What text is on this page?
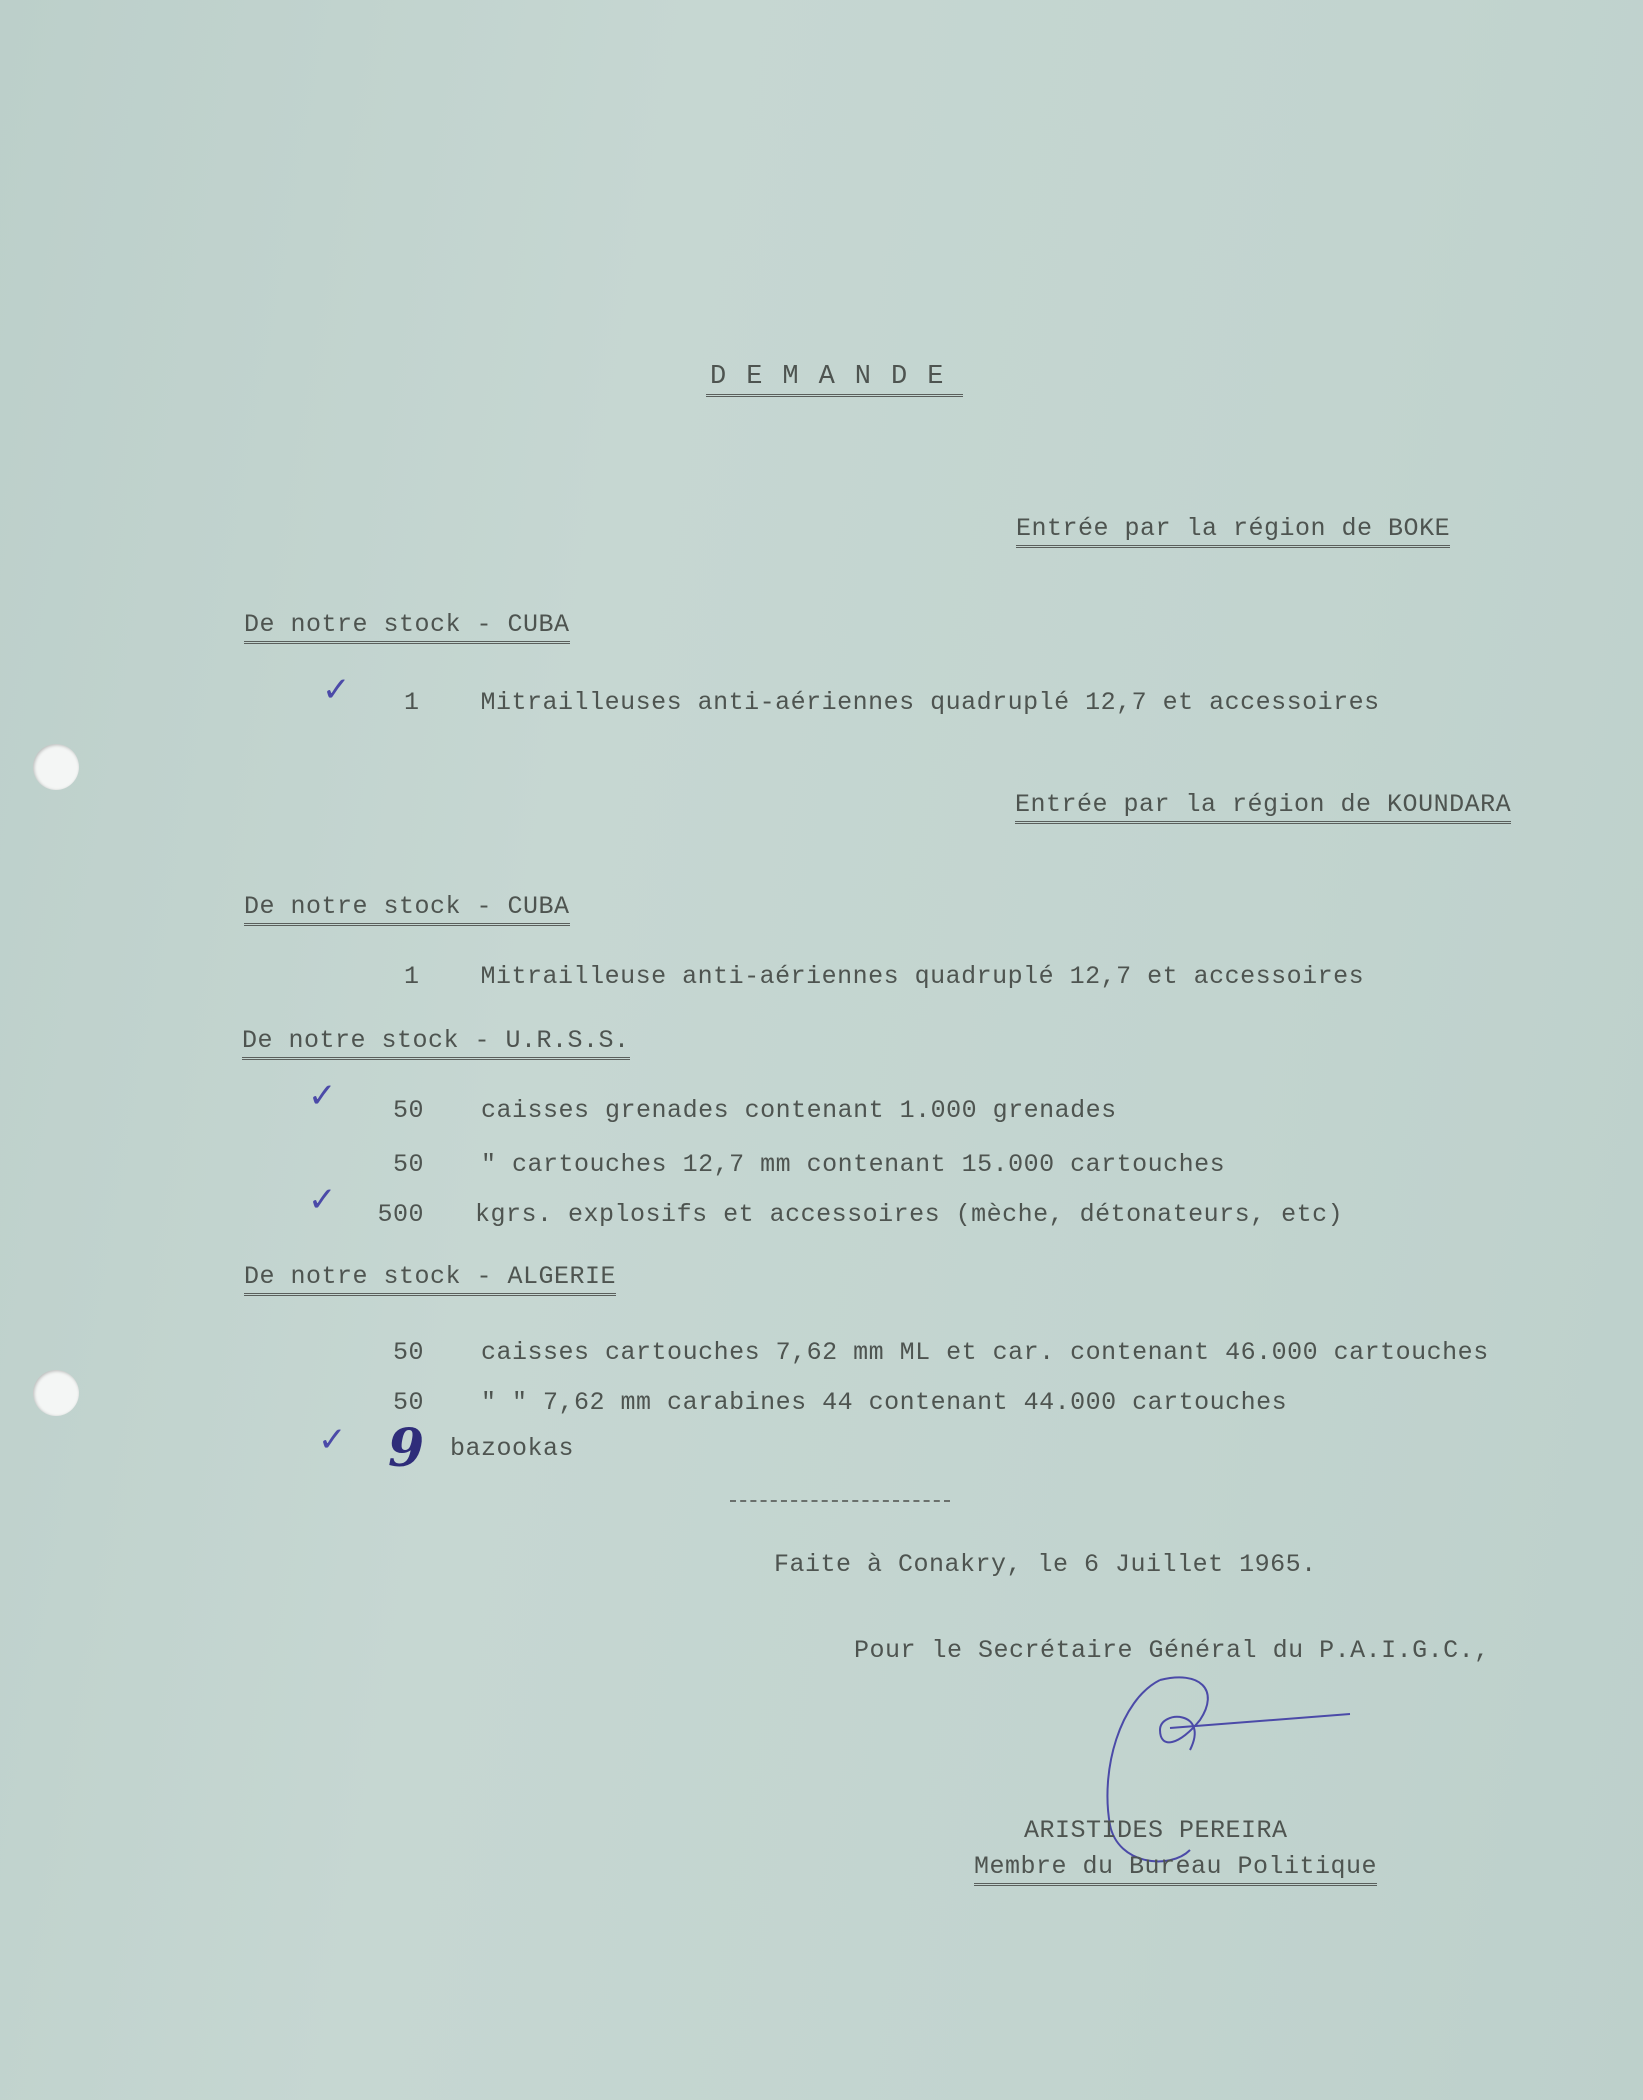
DEMANDE
Entrée par la région de BOKE
De notre stock - CUBA
✓ 1 Mitrailleuses anti-aériennes quadruplé 12,7 et accessoires
Entrée par la région de KOUNDARA
De notre stock - CUBA
1 Mitrailleuse anti-aériennes quadruplé 12,7 et accessoires
De notre stock - U.R.S.S.
✓	50 caisses grenades contenant 1.000 grenades
50 " cartouches 12,7 mm contenant 15.000 cartouches
✓	500 kgrs. explosifs et accessoires (mèche, détonateurs, etc)
De notre stock - ALGERIE
50 caisses cartouches 7,62 mm ML et car. contenant 46.000 cartouches
50 " " 7,62 mm carabines 44 contenant 44.000 cartouches
✓ 9 bazookas
Faite à Conakry, le 6 Juillet 1965.
Pour le Secrétaire Général du P.A.I.G.C.,
ARISTIDES PEREIRA
Membre du Bureau Politique
